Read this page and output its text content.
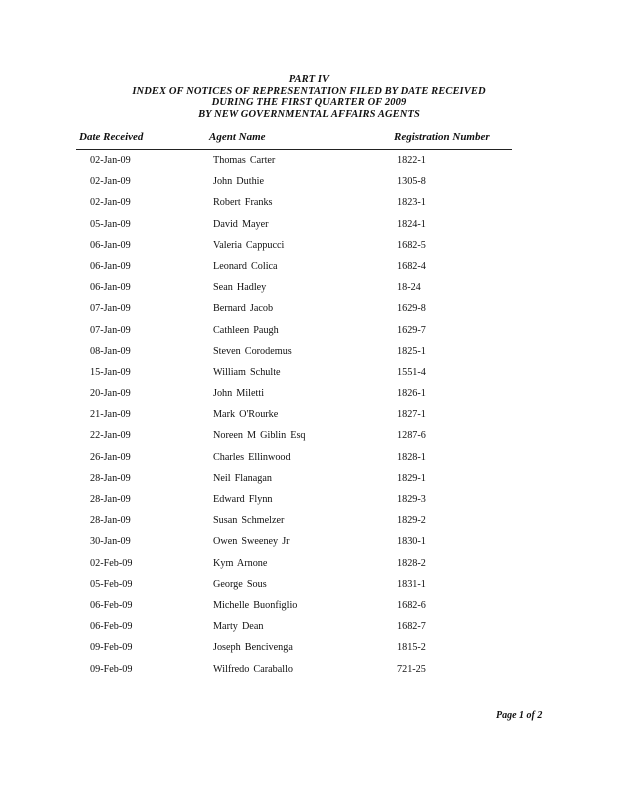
PART IV
INDEX OF NOTICES OF REPRESENTATION FILED BY DATE RECEIVED
DURING THE FIRST QUARTER OF 2009
BY NEW GOVERNMENTAL AFFAIRS AGENTS
Date Received	Agent Name	Registration Number
02-Jan-09	Thomas Carter	1822-1
02-Jan-09	John Duthie	1305-8
02-Jan-09	Robert Franks	1823-1
05-Jan-09	David Mayer	1824-1
06-Jan-09	Valeria Cappucci	1682-5
06-Jan-09	Leonard Colica	1682-4
06-Jan-09	Sean Hadley	18-24
07-Jan-09	Bernard Jacob	1629-8
07-Jan-09	Cathleen Paugh	1629-7
08-Jan-09	Steven Corodemus	1825-1
15-Jan-09	William Schulte	1551-4
20-Jan-09	John Miletti	1826-1
21-Jan-09	Mark O'Rourke	1827-1
22-Jan-09	Noreen M Giblin Esq	1287-6
26-Jan-09	Charles Ellinwood	1828-1
28-Jan-09	Neil Flanagan	1829-1
28-Jan-09	Edward Flynn	1829-3
28-Jan-09	Susan Schmelzer	1829-2
30-Jan-09	Owen Sweeney Jr	1830-1
02-Feb-09	Kym Arnone	1828-2
05-Feb-09	George Sous	1831-1
06-Feb-09	Michelle Buonfiglio	1682-6
06-Feb-09	Marty Dean	1682-7
09-Feb-09	Joseph Bencivenga	1815-2
09-Feb-09	Wilfredo Caraballo	721-25
Page 1 of 2
